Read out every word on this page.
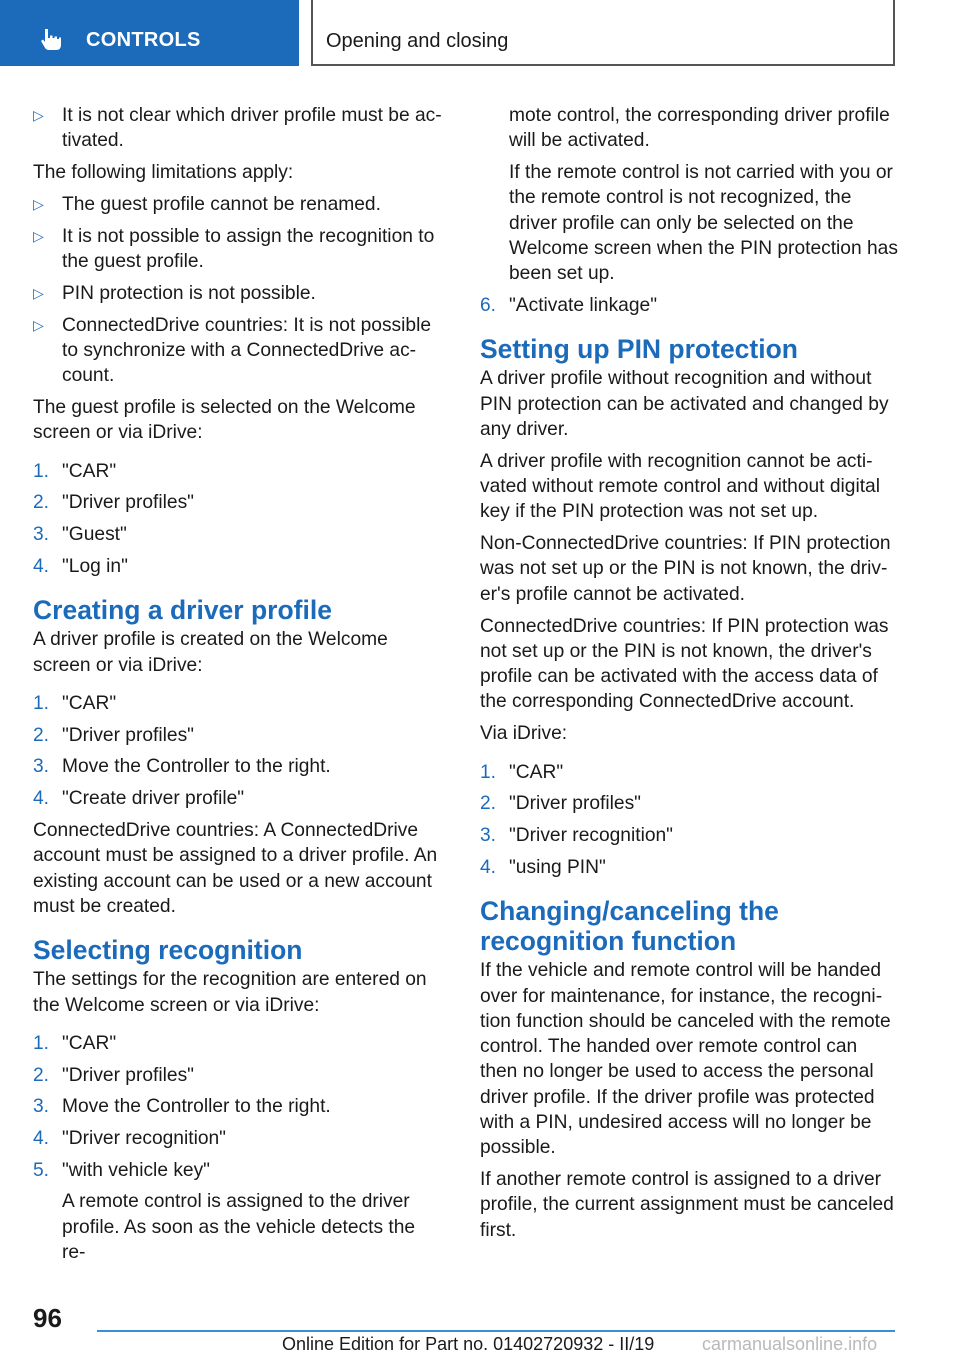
CONTROLS	Opening and closing
▷ It is not clear which driver profile must be ac‐ tivated.
The following limitations apply:
▷ The guest profile cannot be renamed.
▷ It is not possible to assign the recognition to the guest profile.
▷ PIN protection is not possible.
▷ ConnectedDrive countries: It is not possible to synchronize with a ConnectedDrive ac‐ count.
The guest profile is selected on the Welcome screen or via iDrive:
1. "CAR"
2. "Driver profiles"
3. "Guest"
4. "Log in"
Creating a driver profile
A driver profile is created on the Welcome screen or via iDrive:
1. "CAR"
2. "Driver profiles"
3. Move the Controller to the right.
4. "Create driver profile"
ConnectedDrive countries: A ConnectedDrive account must be assigned to a driver profile. An existing account can be used or a new account must be created.
Selecting recognition
The settings for the recognition are entered on the Welcome screen or via iDrive:
1. "CAR"
2. "Driver profiles"
3. Move the Controller to the right.
4. "Driver recognition"
5. "with vehicle key"
A remote control is assigned to the driver profile. As soon as the vehicle detects the re‐
mote control, the corresponding driver profile will be activated.
If the remote control is not carried with you or the remote control is not recognized, the driver profile can only be selected on the Welcome screen when the PIN protection has been set up.
6. "Activate linkage"
Setting up PIN protection
A driver profile without recognition and without PIN protection can be activated and changed by any driver.
A driver profile with recognition cannot be acti‐ vated without remote control and without digital key if the PIN protection was not set up.
Non-ConnectedDrive countries: If PIN protection was not set up or the PIN is not known, the driv‐ er's profile cannot be activated.
ConnectedDrive countries: If PIN protection was not set up or the PIN is not known, the driver's profile can be activated with the access data of the corresponding ConnectedDrive account.
Via iDrive:
1. "CAR"
2. "Driver profiles"
3. "Driver recognition"
4. "using PIN"
Changing/canceling the recognition function
If the vehicle and remote control will be handed over for maintenance, for instance, the recogni‐ tion function should be canceled with the remote control. The handed over remote control can then no longer be used to access the personal driver profile. If the driver profile was protected with a PIN, undesired access will no longer be possible.
If another remote control is assigned to a driver profile, the current assignment must be canceled first.
96
Online Edition for Part no. 01402720932 - II/19	carmanualsonline.info
